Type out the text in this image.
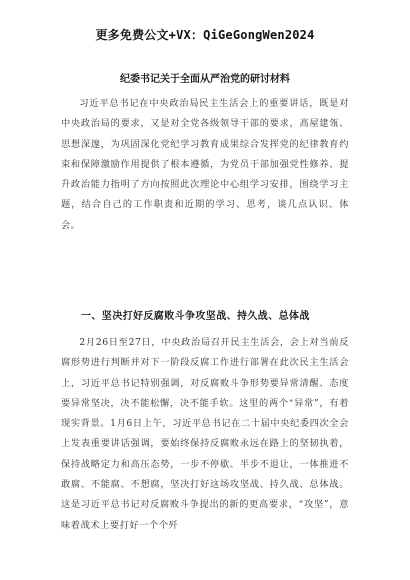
更多免费公文+VX：QiGeGongWen2024
纪委书记关于全面从严治党的研讨材料

习近平总书记在中央政治局民主生活会上的重要讲话，既是对中央政治局的要求，又是对全党各级领导干部的要求，高屋建瓴、思想深邃，为巩固深化党纪学习教育成果综合发挥党的纪律教育约束和保障激励作用提供了根本遵循，为党员干部加强党性修养、提升政治能力指明了方向按照此次理论中心组学习安排，围绕学习主题，结合自己的工作职责和近期的学习、思考，谈几点认识、体会。

一、坚决打好反腐败斗争攻坚战、持久战、总体战

2月26日至27日，中央政治局召开民主生活会，会上对当前反腐形势进行判断并对下一阶段反腐工作进行部署在此次民主生活会上，习近平总书记特别强调，对反腐败斗争形势要异常清醒、态度要异常坚决，决不能松懈，决不能手软。这里的两个“异常”，有着现实背景。1月6日上午，习近平总书记在二十届中央纪委四次全会上发表重要讲话强调，要始终保持反腐败永远在路上的坚韧执着，保持战略定力和高压态势，一步不停歇、半步不退让，一体推进不敢腐、不能腐、不想腐，坚决打好这场攻坚战、持久战、总体战。这是习近平总书记对反腐败斗争提出的新的更高要求，“攻坚”，意味着战术上要打好一个个歼
